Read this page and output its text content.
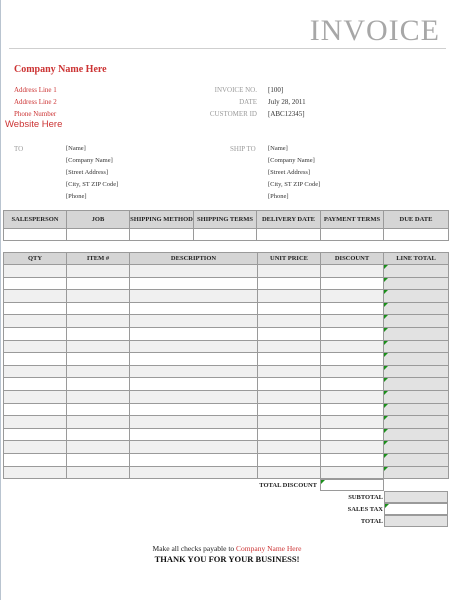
INVOICE
Company Name Here
Address Line 1
Address Line 2
Phone Number
Website Here
INVOICE NO. [100]
DATE July 28, 2011
CUSTOMER ID [ABC12345]
TO	[Name]
[Company Name]
[Street Address]
[City, ST ZIP Code]
[Phone]
SHIP TO [Name]
[Company Name]
[Street Address]
[City, ST ZIP Code]
[Phone]
SALESPERSON	JOB	SHIPPING METHOD	SHIPPING TERMS	DELIVERY DATE	PAYMENT TERMS	DUE DATE

QTY	ITEM #	DESCRIPTION	UNIT PRICE	DISCOUNT	LINE TOTAL

TOTAL DISCOUNT
SUBTOTAL
SALES TAX
TOTAL
Make all checks payable to Company Name Here
THANK YOU FOR YOUR BUSINESS!
